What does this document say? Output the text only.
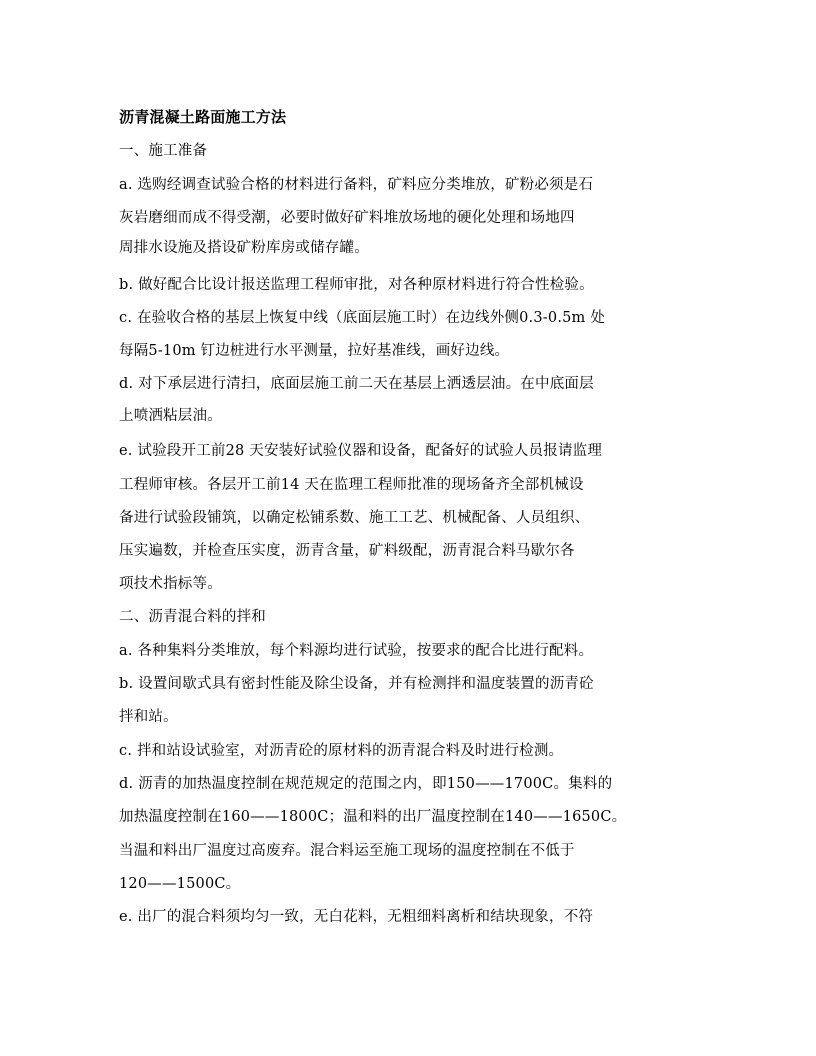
沥青混凝土路面施工方法
一、施工准备
a. 选购经调查试验合格的材料进行备料，矿料应分类堆放，矿粉必须是石
灰岩磨细而成不得受潮，必要时做好矿料堆放场地的硬化处理和场地四
周排水设施及搭设矿粉库房或储存罐。
b. 做好配合比设计报送监理工程师审批，对各种原材料进行符合性检验。
c. 在验收合格的基层上恢复中线（底面层施工时）在边线外侧0.3-0.5m 处
每隔5-10m 钉边桩进行水平测量，拉好基准线，画好边线。
d. 对下承层进行清扫，底面层施工前二天在基层上洒透层油。在中底面层
上喷洒粘层油。
e. 试验段开工前28 天安装好试验仪器和设备，配备好的试验人员报请监理
工程师审核。各层开工前14 天在监理工程师批准的现场备齐全部机械设
备进行试验段铺筑，以确定松铺系数、施工工艺、机械配备、人员组织、
压实遍数，并检查压实度，沥青含量，矿料级配，沥青混合料马歇尔各
项技术指标等。
二、沥青混合料的拌和
a. 各种集料分类堆放，每个料源均进行试验，按要求的配合比进行配料。
b. 设置间歇式具有密封性能及除尘设备，并有检测拌和温度装置的沥青砼
拌和站。
c. 拌和站设试验室，对沥青砼的原材料的沥青混合料及时进行检测。
d. 沥青的加热温度控制在规范规定的范围之内，即150——1700C。集料的
加热温度控制在160——1800C；温和料的出厂温度控制在140——1650C。
当温和料出厂温度过高废弃。混合料运至施工现场的温度控制在不低于
120——1500C。
e. 出厂的混合料须均匀一致，无白花料，无粗细料离析和结块现象，不符
